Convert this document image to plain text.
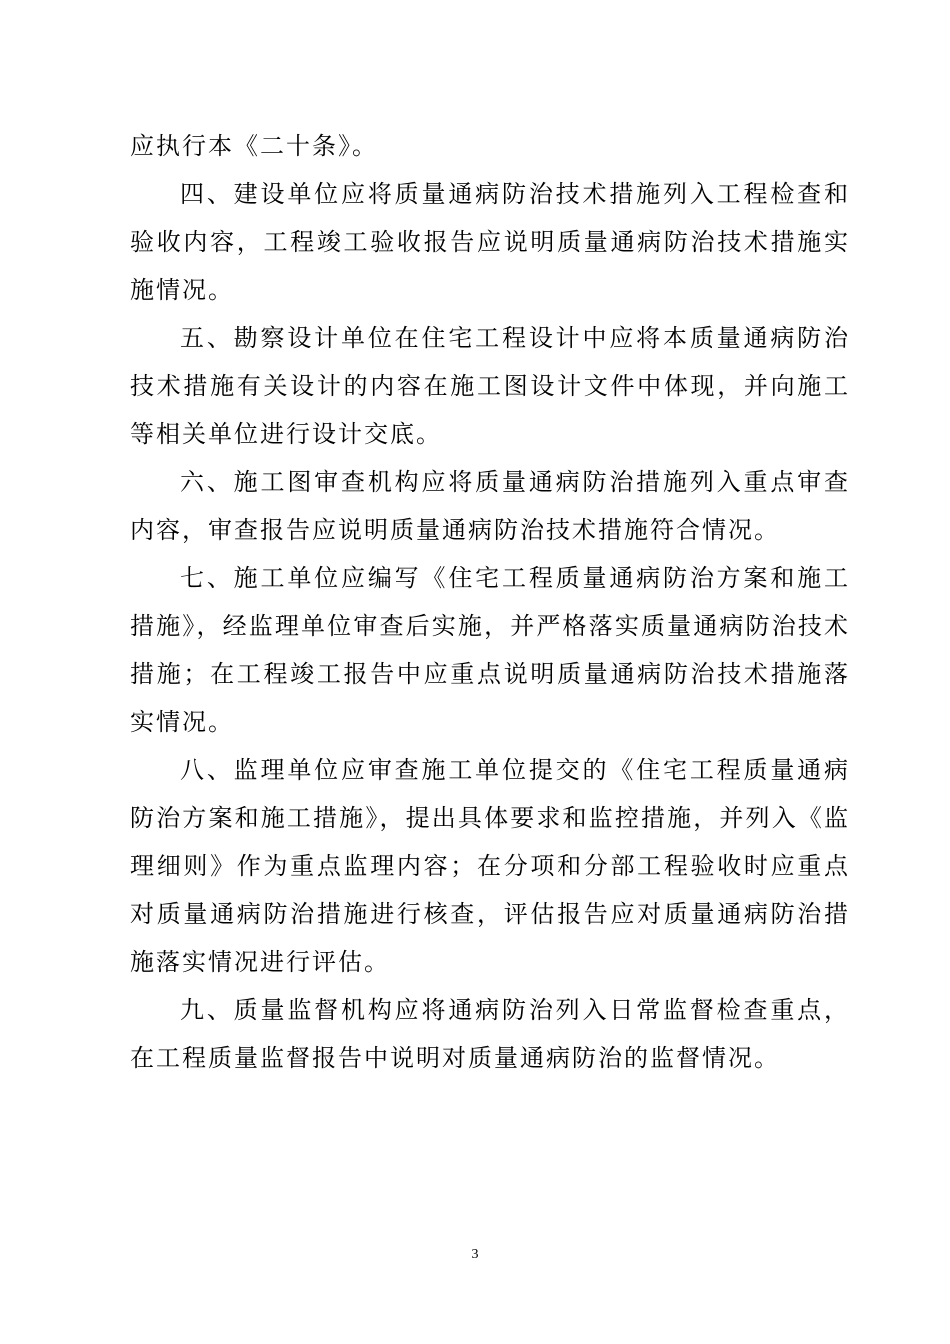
应执行本《二十条》。

四、建设单位应将质量通病防治技术措施列入工程检查和验收内容，工程竣工验收报告应说明质量通病防治技术措施实施情况。

五、勘察设计单位在住宅工程设计中应将本质量通病防治技术措施有关设计的内容在施工图设计文件中体现，并向施工等相关单位进行设计交底。

六、施工图审查机构应将质量通病防治措施列入重点审查内容，审查报告应说明质量通病防治技术措施符合情况。

七、施工单位应编写《住宅工程质量通病防治方案和施工措施》，经监理单位审查后实施，并严格落实质量通病防治技术措施；在工程竣工报告中应重点说明质量通病防治技术措施落实情况。

八、监理单位应审查施工单位提交的《住宅工程质量通病防治方案和施工措施》，提出具体要求和监控措施，并列入《监理细则》作为重点监理内容；在分项和分部工程验收时应重点对质量通病防治措施进行核查，评估报告应对质量通病防治措施落实情况进行评估。

九、质量监督机构应将通病防治列入日常监督检查重点，在工程质量监督报告中说明对质量通病防治的监督情况。

3
